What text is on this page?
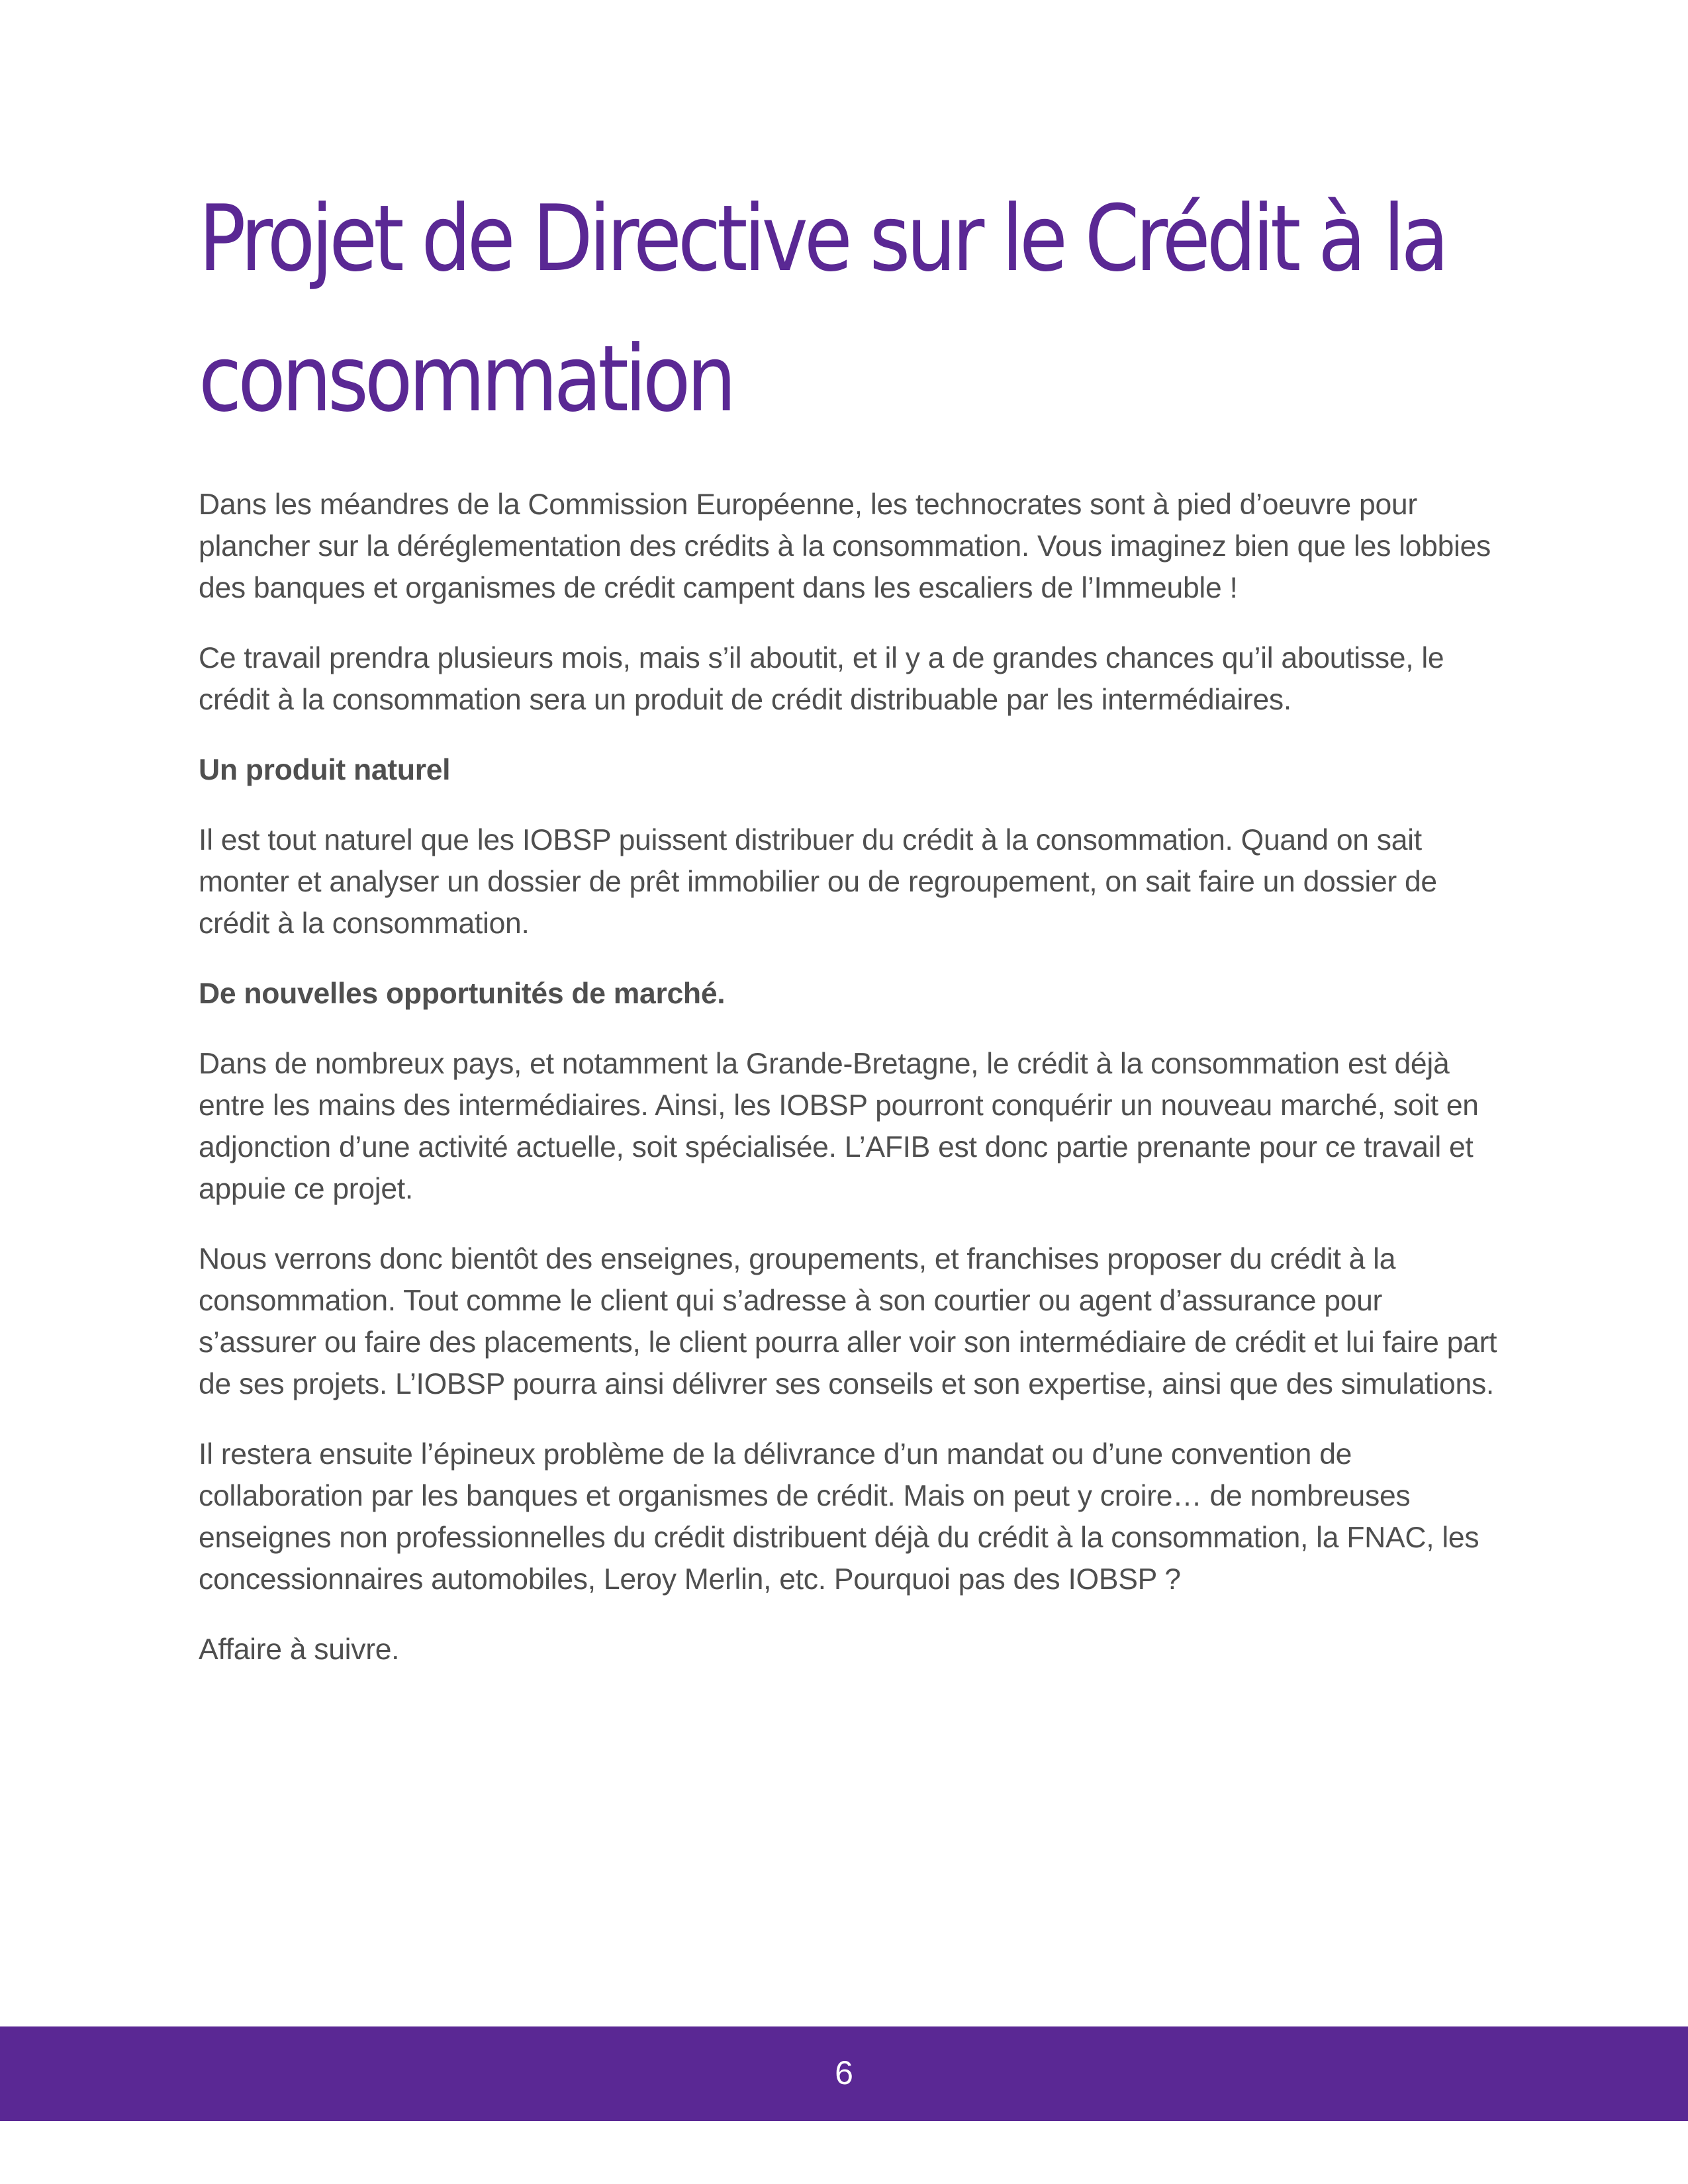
Projet de Directive sur le Crédit à la consommation

Dans les méandres de la Commission Européenne, les technocrates sont à pied d’oeuvre pour plancher sur la déréglementation des crédits à la consommation. Vous imaginez bien que les lobbies des banques et organismes de crédit campent dans les escaliers de l’Immeuble !

Ce travail prendra plusieurs mois, mais s’il aboutit, et il y a de grandes chances qu’il aboutisse, le crédit à la consommation sera un produit de crédit distribuable par les intermédiaires.

Un produit naturel

Il est tout naturel que les IOBSP puissent distribuer du crédit à la consommation. Quand on sait monter et analyser un dossier de prêt immobilier ou de regroupement, on sait faire un dossier de crédit à la consommation.

De nouvelles opportunités de marché.

Dans de nombreux pays, et notamment la Grande-Bretagne, le crédit à la consommation est déjà entre les mains des intermédiaires. Ainsi, les IOBSP pourront conquérir un nouveau marché, soit en adjonction d’une activité actuelle, soit spécialisée. L’AFIB est donc partie prenante pour ce travail et appuie ce projet.

Nous verrons donc bientôt des enseignes, groupements, et franchises proposer du crédit à la consommation. Tout comme le client qui s’adresse à son courtier ou agent d’assurance pour s’assurer ou faire des placements, le client pourra aller voir son intermédiaire de crédit et lui faire part de ses projets. L’IOBSP pourra ainsi délivrer ses conseils et son expertise, ainsi que des simulations.

Il restera ensuite l’épineux problème de la délivrance d’un mandat ou d’une convention de collaboration par les banques et organismes de crédit. Mais on peut y croire… de nombreuses enseignes non professionnelles du crédit distribuent déjà du crédit à la consommation, la FNAC, les concessionnaires automobiles, Leroy Merlin, etc. Pourquoi pas des IOBSP ?

Affaire à suivre.

6
